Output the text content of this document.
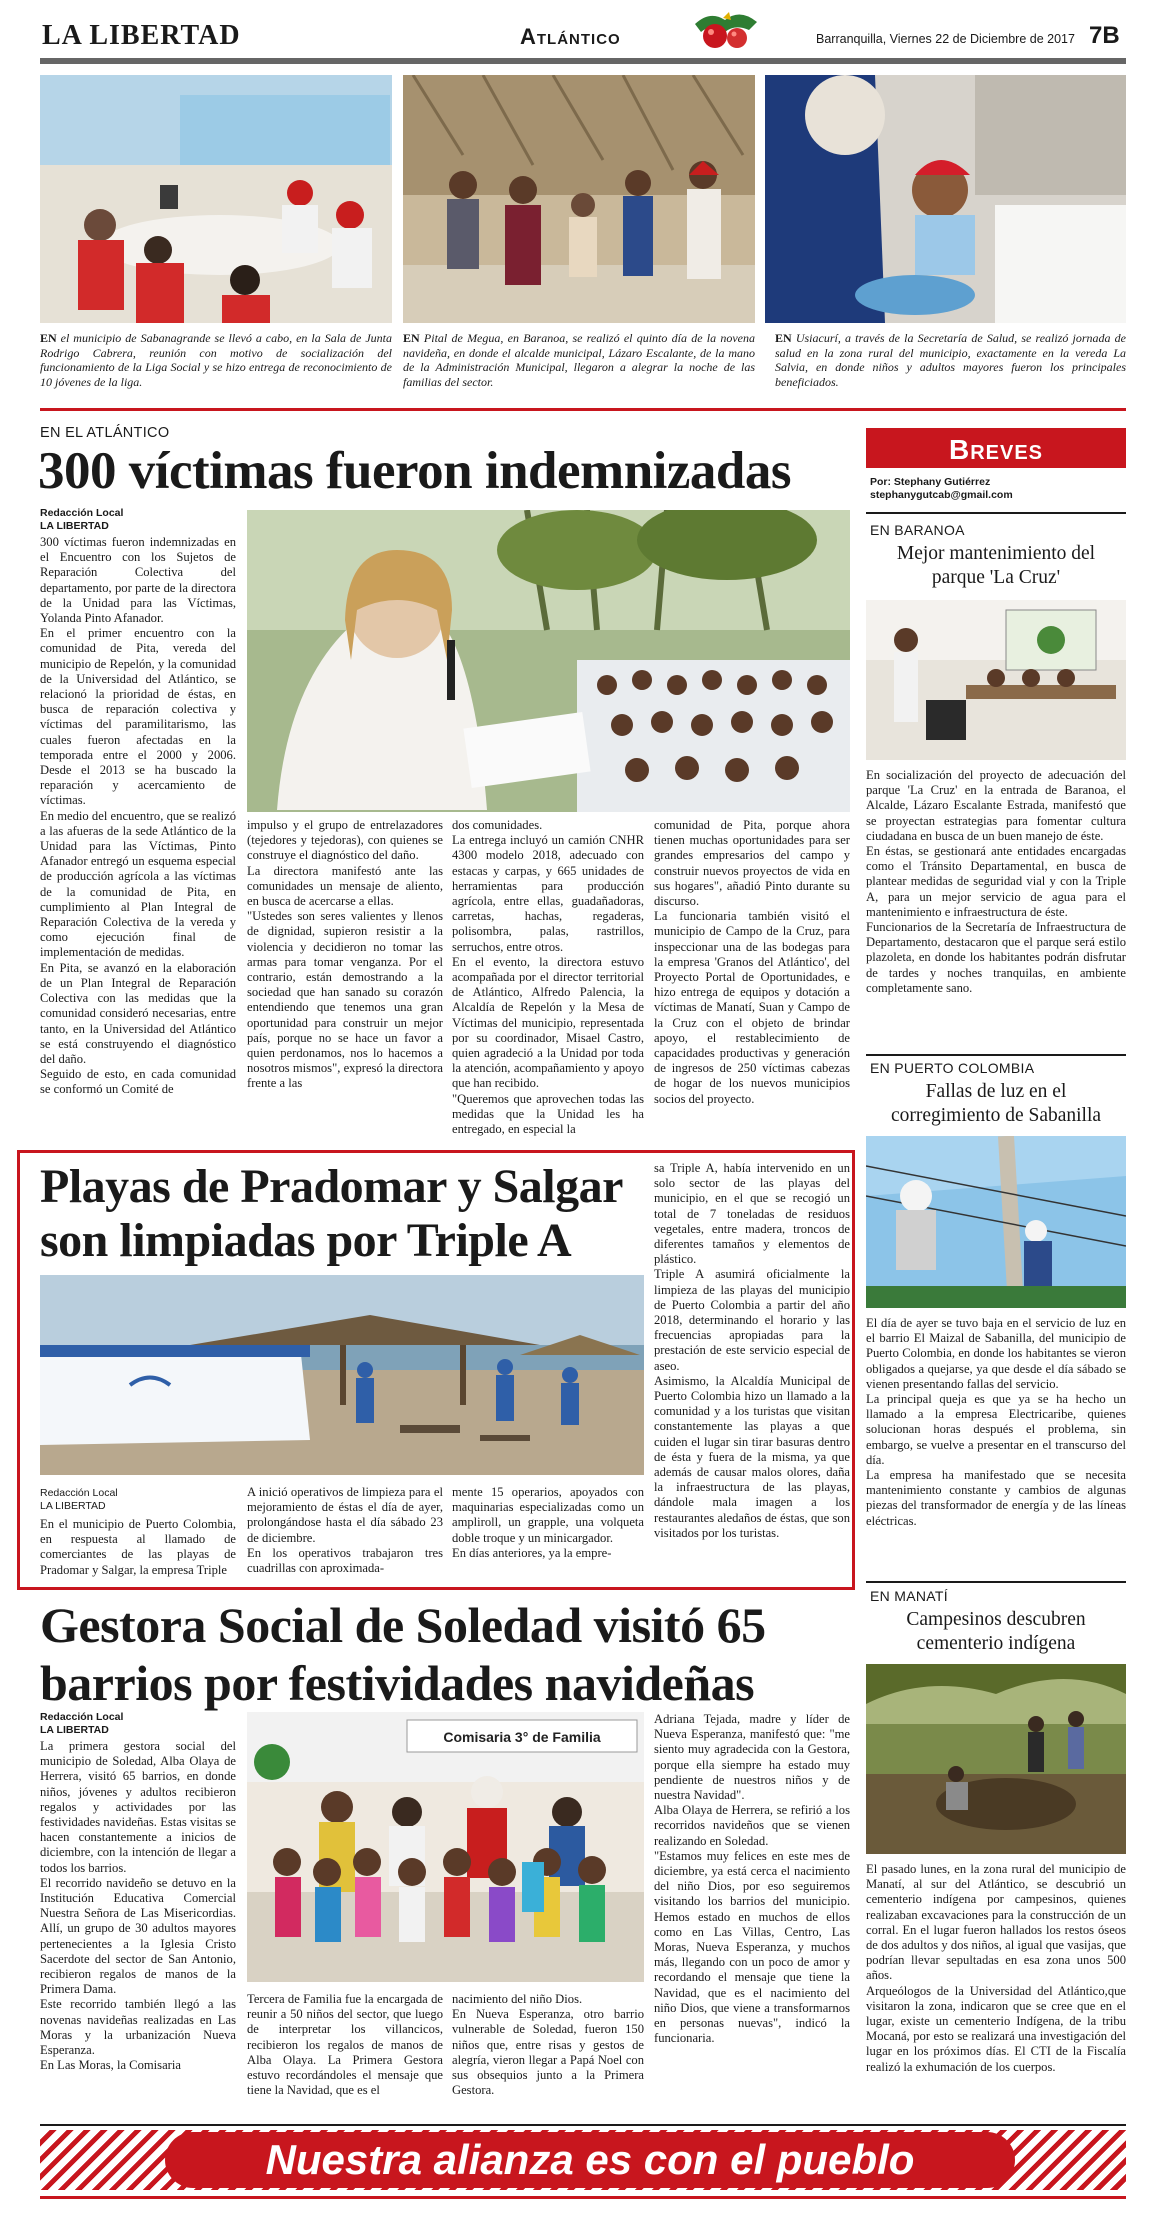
LA LIBERTAD	Atlántico	Barranquilla, Viernes 22 de Diciembre de 2017 7B
EN el municipio de Sabanagrande se llevó a cabo, en la Sala de Junta Rodrigo Cabrera, reunión con motivo de socialización del funcionamiento de la Liga Social y se hizo entrega de reconocimiento de 10 jóvenes de la liga.
EN Pital de Megua, en Baranoa, se realizó el quinto día de la novena navideña, en donde el alcalde municipal, Lázaro Escalante, de la mano de la Administración Municipal, llegaron a alegrar la noche de las familias del sector.
EN Usiacurí, a través de la Secretaría de Salud, se realizó jornada de salud en la zona rural del municipio, exactamente en la vereda La Salvia, en donde niños y adultos mayores fueron los principales beneficiados.
EN EL ATLÁNTICO
300 víctimas fueron indemnizadas
Redacción Local
LA LIBERTAD
300 víctimas fueron indemnizadas en el Encuentro con los Sujetos de Reparación Colectiva del departamento, por parte de la directora de la Unidad para las Víctimas, Yolanda Pinto Afanador.
En el primer encuentro con la comunidad de Pita, vereda del municipio de Repelón, y la comunidad de la Universidad del Atlántico, se relacionó la prioridad de éstas, en busca de reparación colectiva y víctimas del paramilitarismo, las cuales fueron afectadas en la temporada entre el 2000 y 2006. Desde el 2013 se ha buscado la reparación y acercamiento de víctimas.
En medio del encuentro, que se realizó a las afueras de la sede Atlántico de la Unidad para las Víctimas, Pinto Afanador entregó un esquema especial de producción agrícola a las víctimas de la comunidad de Pita, en cumplimiento al Plan Integral de Reparación Colectiva de la vereda y como ejecución final de implementación de medidas.
En Pita, se avanzó en la elaboración de un Plan Integral de Reparación Colectiva con las medidas que la comunidad consideró necesarias, entre tanto, en la Universidad del Atlántico se está construyendo el diagnóstico del daño.
Seguido de esto, en cada comunidad se conformó un Comité de
impulso y el grupo de entrelazadores (tejedores y tejedoras), con quienes se construye el diagnóstico del daño.
La directora manifestó ante las comunidades un mensaje de aliento, en busca de acercarse a ellas.
"Ustedes son seres valientes y llenos de dignidad, supieron resistir a la violencia y decidieron no tomar las armas para tomar venganza. Por el contrario, están demostrando a la sociedad que han sanado su corazón entendiendo que tenemos una gran oportunidad para construir un mejor país, porque no se hace un favor a quien perdonamos, nos lo hacemos a nosotros mismos", expresó la directora frente a las
dos comunidades.
La entrega incluyó un camión CNHR 4300 modelo 2018, adecuado con estacas y carpas, y 665 unidades de herramientas para producción agrícola, entre ellas, guadañadoras, carretas, hachas, regaderas, polisombra, palas, rastrillos, serruchos, entre otros.
En el evento, la directora estuvo acompañada por el director territorial de Atlántico, Alfredo Palencia, la Alcaldía de Repelón y la Mesa de Víctimas del municipio, representada por su coordinador, Misael Castro, quien agradeció a la Unidad por toda la atención, acompañamiento y apoyo que han recibido.
"Queremos que aprovechen todas las medidas que la Unidad les ha entregado, en especial la
comunidad de Pita, porque ahora tienen muchas oportunidades para ser grandes empresarios del campo y construir nuevos proyectos de vida en sus hogares", añadió Pinto durante su discurso.
La funcionaria también visitó el municipio de Campo de la Cruz, para inspeccionar una de las bodegas para la empresa 'Granos del Atlántico', del Proyecto Portal de Oportunidades, e hizo entrega de equipos y dotación a víctimas de Manatí, Suan y Campo de la Cruz con el objeto de brindar apoyo, el restablecimiento de capacidades productivas y generación de ingresos de 250 víctimas cabezas de hogar de los nuevos municipios socios del proyecto.
Playas de Pradomar y Salgar
son limpiadas por Triple A
Redacción Local
LA LIBERTAD
En el municipio de Puerto Colombia, en respuesta al llamado de comerciantes de las playas de Pradomar y Salgar, la empresa Triple
A inició operativos de limpieza para el mejoramiento de éstas el día de ayer, prolongándose hasta el día sábado 23 de diciembre.
En los operativos trabajaron tres cuadrillas con aproximada-
mente 15 operarios, apoyados con maquinarias especializadas como un ampliroll, un grapple, una volqueta doble troque y un minicargador.
En días anteriores, ya la empre-
sa Triple A, había intervenido en un solo sector de las playas del municipio, en el que se recogió un total de 7 toneladas de residuos vegetales, entre madera, troncos de diferentes tamaños y elementos de plástico.
Triple A asumirá oficialmente la limpieza de las playas del municipio de Puerto Colombia a partir del año 2018, determinando el horario y las frecuencias apropiadas para la prestación de este servicio especial de aseo.
Asimismo, la Alcaldía Municipal de Puerto Colombia hizo un llamado a la comunidad y a los turistas que visitan constantemente las playas a que cuiden el lugar sin tirar basuras dentro de ésta y fuera de la misma, ya que además de causar malos olores, daña la infraestructura de las playas, dándole mala imagen a los restaurantes aledaños de éstas, que son visitados por los turistas.
Gestora Social de Soledad visitó 65
barrios por festividades navideñas
Redacción Local
LA LIBERTAD
La primera gestora social del municipio de Soledad, Alba Olaya de Herrera, visitó 65 barrios, en donde niños, jóvenes y adultos recibieron regalos y actividades por las festividades navideñas. Estas visitas se hacen constantemente a inicios de diciembre, con la intención de llegar a todos los barrios.
El recorrido navideño se detuvo en la Institución Educativa Comercial Nuestra Señora de Las Misericordias. Allí, un grupo de 30 adultos mayores pertenecientes a la Iglesia Cristo Sacerdote del sector de San Antonio, recibieron regalos de manos de la Primera Dama.
Este recorrido también llegó a las novenas navideñas realizadas en Las Moras y la urbanización Nueva Esperanza.
En Las Moras, la Comisaria
Comisaria 3° de Familia
Tercera de Familia fue la encargada de reunir a 50 niños del sector, que luego de interpretar los villancicos, recibieron los regalos de manos de Alba Olaya. La Primera Gestora estuvo recordándoles el mensaje que tiene la Navidad, que es el
nacimiento del niño Dios.
En Nueva Esperanza, otro barrio vulnerable de Soledad, fueron 150 niños que, entre risas y gestos de alegría, vieron llegar a Papá Noel con sus obsequios junto a la Primera Gestora.
Adriana Tejada, madre y líder de Nueva Esperanza, manifestó que: "me siento muy agradecida con la Gestora, porque ella siempre ha estado muy pendiente de nuestros niños y de nuestra Navidad".
Alba Olaya de Herrera, se refirió a los recorridos navideños que se vienen realizando en Soledad.
"Estamos muy felices en este mes de diciembre, ya está cerca el nacimiento del niño Dios, por eso seguiremos visitando los barrios del municipio. Hemos estado en muchos de ellos como en Las Villas, Centro, Las Moras, Nueva Esperanza, y muchos más, llegando con un poco de amor y recordando el mensaje que tiene la Navidad, que es el nacimiento del niño Dios, que viene a transformarnos en personas nuevas", indicó la funcionaria.
Breves
Por: Stephany Gutiérrez
stephanygutcab@gmail.com
EN BARANOA
Mejor mantenimiento del parque 'La Cruz'
En socialización del proyecto de adecuación del parque 'La Cruz' en la entrada de Baranoa, el Alcalde, Lázaro Escalante Estrada, manifestó que se proyectan estrategias para fomentar cultura ciudadana en busca de un buen manejo de éste.
En éstas, se gestionará ante entidades encargadas como el Tránsito Departamental, en busca de plantear medidas de seguridad vial y con la Triple A, para un mejor servicio de agua para el mantenimiento e infraestructura de éste.
Funcionarios de la Secretaría de Infraestructura de Departamento, destacaron que el parque será estilo plazoleta, en donde los habitantes podrán disfrutar de tardes y noches tranquilas, en ambiente completamente sano.
EN PUERTO COLOMBIA
Fallas de luz en el corregimiento de Sabanilla
El día de ayer se tuvo baja en el servicio de luz en el barrio El Maizal de Sabanilla, del municipio de Puerto Colombia, en donde los habitantes se vieron obligados a quejarse, ya que desde el día sábado se vienen presentando fallas del servicio.
La principal queja es que ya se ha hecho un llamado a la empresa Electricaribe, quienes solucionan horas después el problema, sin embargo, se vuelve a presentar en el transcurso del día.
La empresa ha manifestado que se necesita mantenimiento constante y cambios de algunas piezas del transformador de energía y de las líneas eléctricas.
EN MANATÍ
Campesinos descubren cementerio indígena
El pasado lunes, en la zona rural del municipio de Manatí, al sur del Atlántico, se descubrió un cementerio indígena por campesinos, quienes realizaban excavaciones para la construcción de un corral. En el lugar fueron hallados los restos óseos de dos adultos y dos niños, al igual que vasijas, que podrían llevar sepultadas en esa zona unos 500 años.
Arqueólogos de la Universidad del Atlántico,que visitaron la zona, indicaron que se cree que en el lugar, existe un cementerio Indígena, de la tribu Mocaná, por esto se realizará una investigación del lugar en los próximos días. El CTI de la Fiscalía realizó la exhumación de los cuerpos.
Nuestra alianza es con el pueblo
